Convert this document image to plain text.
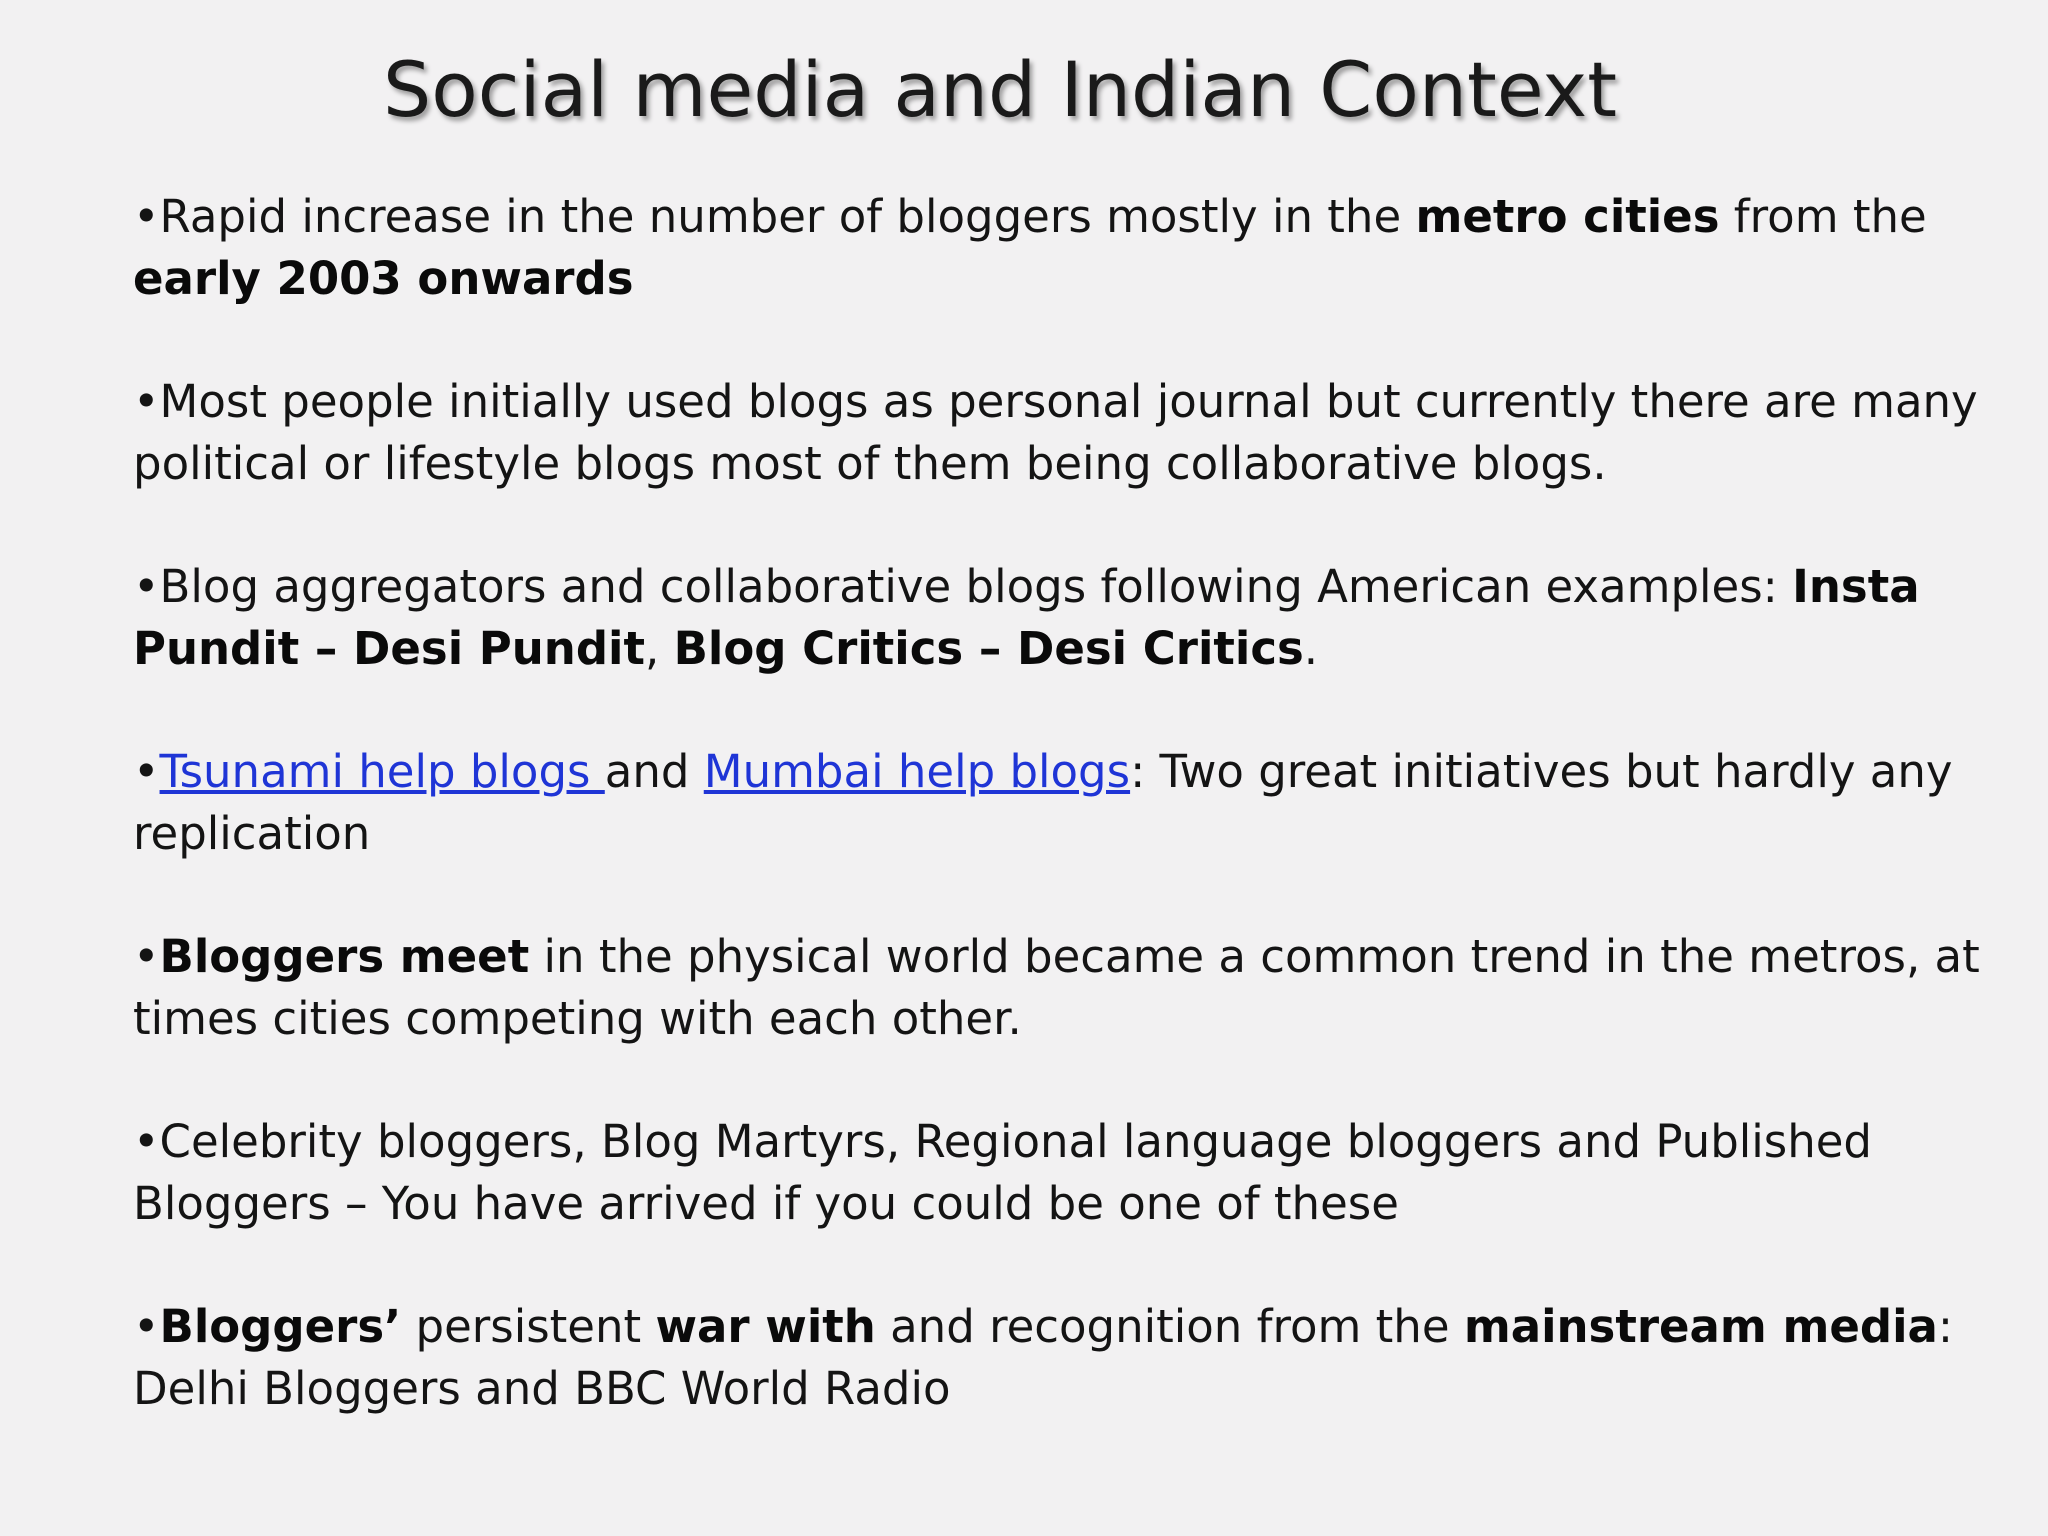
Social media and Indian Context

•Rapid increase in the number of bloggers mostly in the metro cities from the early 2003 onwards

•Most people initially used blogs as personal journal but currently there are many political or lifestyle blogs most of them being collaborative blogs.

•Blog aggregators and collaborative blogs following American examples: Insta Pundit – Desi Pundit, Blog Critics – Desi Critics.

•Tsunami help blogs and Mumbai help blogs: Two great initiatives but hardly any replication

•Bloggers meet in the physical world became a common trend in the metros, at times cities competing with each other.

•Celebrity bloggers, Blog Martyrs, Regional language bloggers and Published Bloggers – You have arrived if you could be one of these

•Bloggers’ persistent war with and recognition from the mainstream media: Delhi Bloggers and BBC World Radio
